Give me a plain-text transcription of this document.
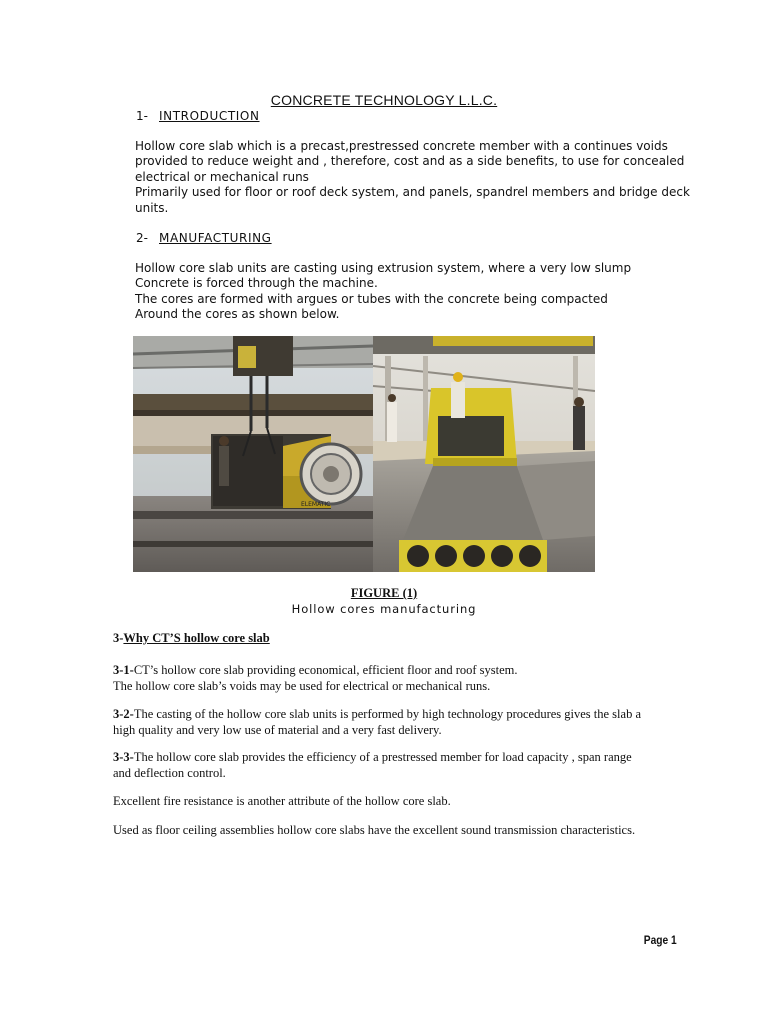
CONCRETE TECHNOLOGY L.L.C.
1- INTRODUCTION
Hollow core slab which is a precast,prestressed concrete member with a continues voids
provided to reduce weight and , therefore, cost and as a side benefits, to use for concealed
electrical or mechanical runs
Primarily used for floor or roof deck system, and panels, spandrel members and bridge deck
units.
2- MANUFACTURING
Hollow core slab units are casting using extrusion system, where a very low slump
Concrete is forced through the machine.
The cores are formed with argues or tubes with the concrete being compacted
Around the cores as shown below.
ELEMATIC
FIGURE (1)
Hollow cores manufacturing
3-Why CT’S hollow core slab
3-1-CT’s hollow core slab providing economical, efficient floor and roof system.
The hollow core slab’s voids may be used for electrical or mechanical runs.
3-2-The casting of the hollow core slab units is performed by high technology procedures gives the slab a
high quality and very low use of material and a very fast delivery.
3-3-The hollow core slab provides the efficiency of a prestressed member for load capacity , span range
and deflection control.
Excellent fire resistance is another attribute of the hollow core slab.
Used as floor ceiling assemblies hollow core slabs have the excellent sound transmission characteristics.
Page 1
